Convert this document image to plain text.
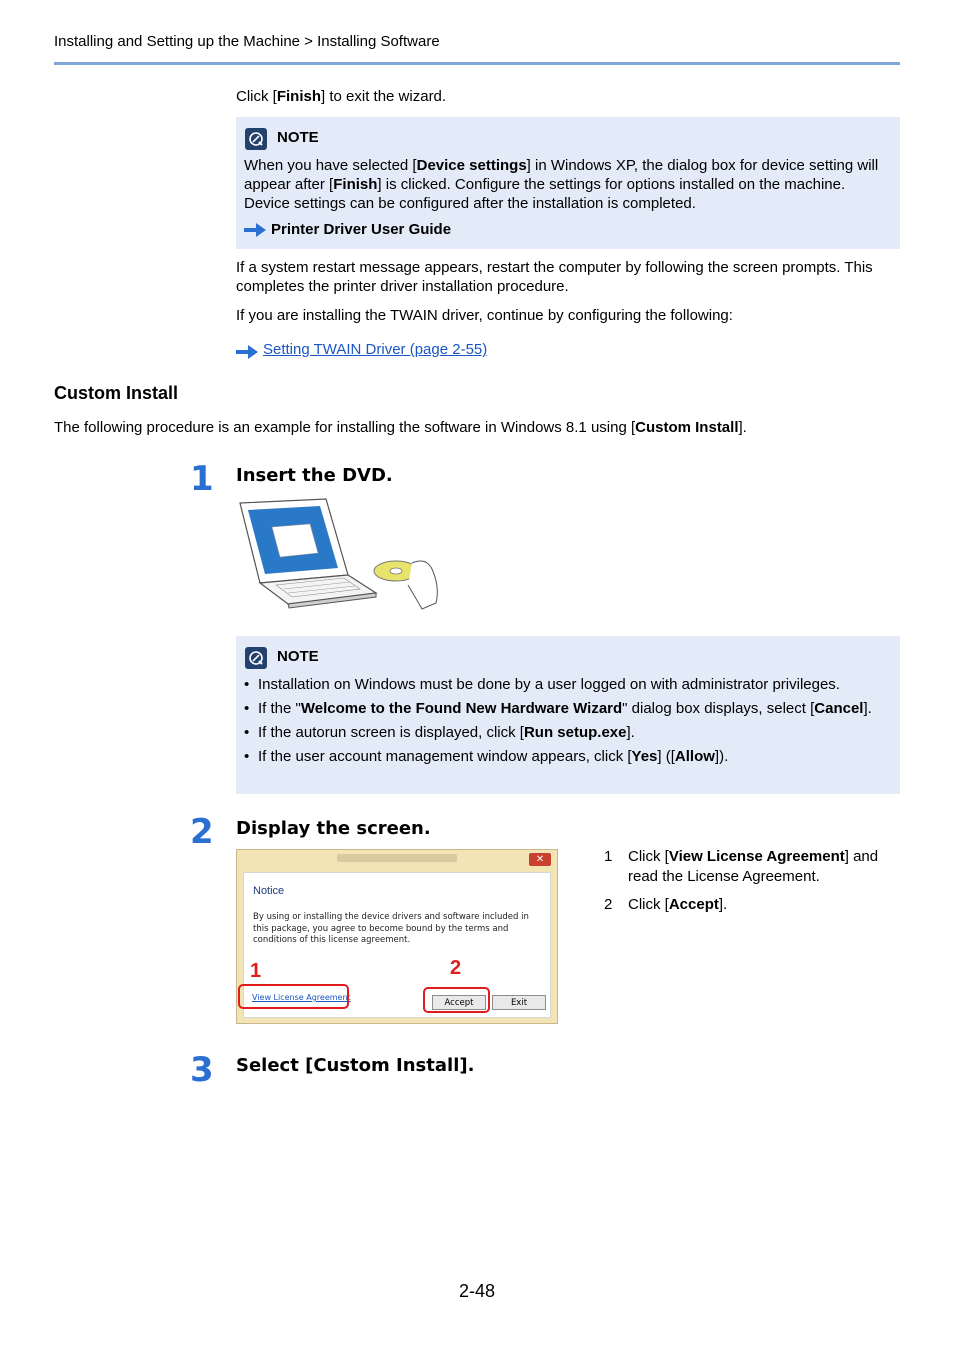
Installing and Setting up the Machine > Installing Software
Click [Finish] to exit the wizard.
NOTE
When you have selected [Device settings] in Windows XP, the dialog box for device setting will appear after [Finish] is clicked. Configure the settings for options installed on the machine. Device settings can be configured after the installation is completed.
Printer Driver User Guide
If a system restart message appears, restart the computer by following the screen prompts. This completes the printer driver installation procedure.
If you are installing the TWAIN driver, continue by configuring the following:
Setting TWAIN Driver (page 2-55)
Custom Install
The following procedure is an example for installing the software in Windows 8.1 using [Custom Install].
1 Insert the DVD.
NOTE
• Installation on Windows must be done by a user logged on with administrator privileges.
• If the "Welcome to the Found New Hardware Wizard" dialog box displays, select [Cancel].
• If the autorun screen is displayed, click [Run setup.exe].
• If the user account management window appears, click [Yes] ([Allow]).
2 Display the screen.
✕
Notice
By using or installing the device drivers and software included in this package, you agree to become bound by the terms and conditions of this license agreement.
View License Agreement
Accept	Exit
1	2
1 Click [View License Agreement] and read the License Agreement.
2 Click [Accept].
3 Select [Custom Install].
2-48
